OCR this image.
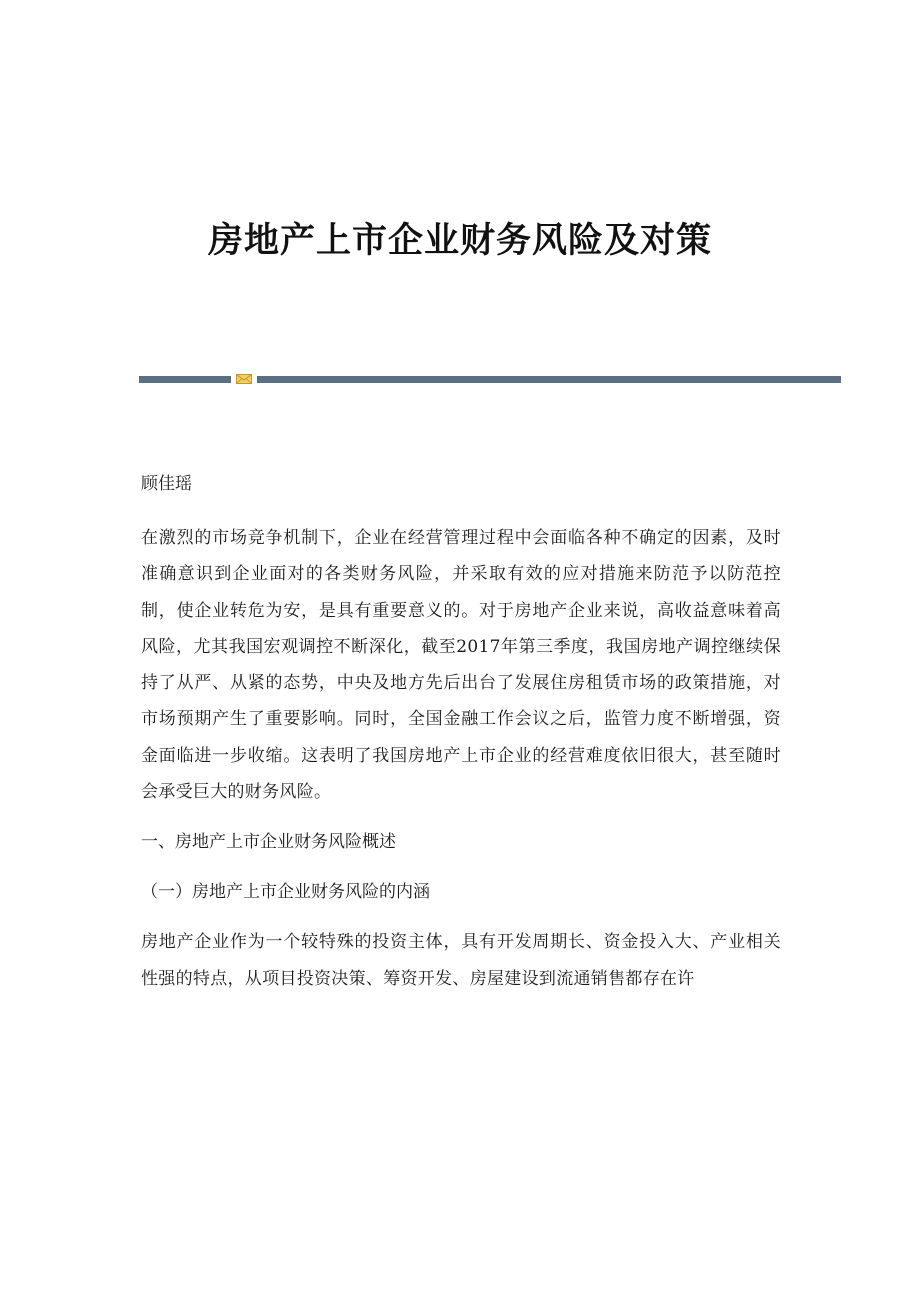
房地产上市企业财务风险及对策

顾佳瑶

在激烈的市场竞争机制下，企业在经营管理过程中会面临各种不确定的因素，及时准确意识到企业面对的各类财务风险，并采取有效的应对措施来防范予以防范控制，使企业转危为安，是具有重要意义的。对于房地产企业来说，高收益意味着高风险，尤其我国宏观调控不断深化，截至2017年第三季度，我国房地产调控继续保持了从严、从紧的态势，中央及地方先后出台了发展住房租赁市场的政策措施，对市场预期产生了重要影响。同时，全国金融工作会议之后，监管力度不断增强，资金面临进一步收缩。这表明了我国房地产上市企业的经营难度依旧很大，甚至随时会承受巨大的财务风险。

一、房地产上市企业财务风险概述

（一）房地产上市企业财务风险的内涵

房地产企业作为一个较特殊的投资主体，具有开发周期长、资金投入大、产业相关性强的特点，从项目投资决策、筹资开发、房屋建设到流通销售都存在许
